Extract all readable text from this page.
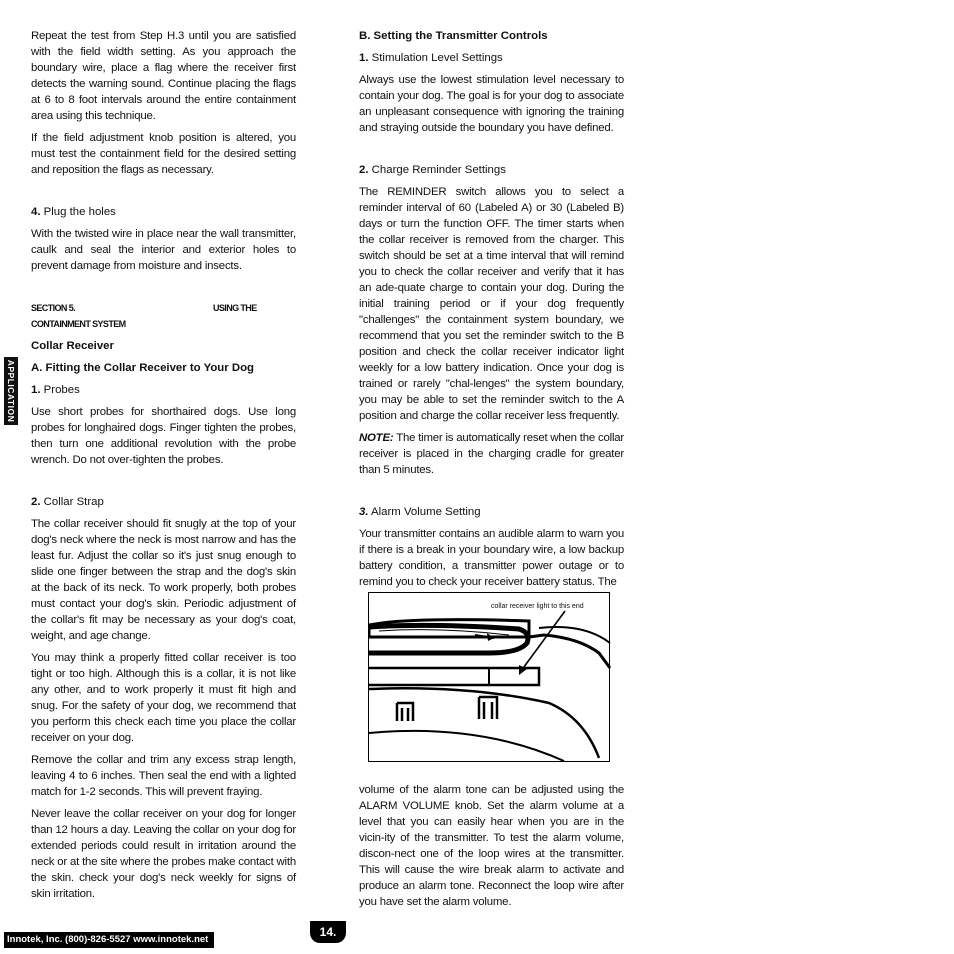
Repeat the test from Step H.3 until you are satisfied with the field width setting. As you approach the boundary wire, place a flag where the receiver first detects the warning sound. Continue placing the flags at 6 to 8 foot intervals around the entire containment area using this technique.

If the field adjustment knob position is altered, you must test the containment field for the desired setting and reposition the flags as necessary.

4. Plug the holes

With the twisted wire in place near the wall transmitter, caulk and seal the interior and exterior holes to prevent damage from moisture and insects.

SECTION 5.	USING THE
CONTAINMENT SYSTEM
Collar Receiver
A. Fitting the Collar Receiver to Your Dog
1. Probes

Use short probes for shorthaired dogs. Use long probes for longhaired dogs. Finger tighten the probes, then turn one additional revolution with the probe wrench. Do not over-tighten the probes.

2. Collar Strap

The collar receiver should fit snugly at the top of your dog's neck where the neck is most narrow and has the least fur. Adjust the collar so it's just snug enough to slide one finger between the strap and the dog's skin at the back of its neck. To work properly, both probes must contact your dog's skin. Periodic adjustment of the collar's fit may be necessary as your dog's coat, weight, and age change.

You may think a properly fitted collar receiver is too tight or too high. Although this is a collar, it is not like any other, and to work properly it must fit high and snug. For the safety of your dog, we recommend that you perform this check each time you place the collar receiver on your dog.

Remove the collar and trim any excess strap length, leaving 4 to 6 inches. Then seal the end with a lighted match for 1-2 seconds. This will prevent fraying.

Never leave the collar receiver on your dog for longer than 12 hours a day. Leaving the collar on your dog for extended periods could result in irritation around the neck or at the site where the probes make contact with the skin. check your dog's neck weekly for signs of skin irritation.

B. Setting the Transmitter Controls
1. Stimulation Level Settings

Always use the lowest stimulation level necessary to contain your dog. The goal is for your dog to associate an unpleasant consequence with ignoring the training and straying outside the boundary you have defined.

2. Charge Reminder Settings

The REMINDER switch allows you to select a reminder interval of 60 (Labeled A) or 30 (Labeled B) days or turn the function OFF. The timer starts when the collar receiver is removed from the charger. This switch should be set at a time interval that will remind you to check the collar receiver and verify that it has an ade-quate charge to contain your dog. During the initial training period or if your dog frequently "challenges" the containment system boundary, we recommend that you set the reminder switch to the B position and check the collar receiver indicator light weekly for a low battery indication. Once your dog is trained or rarely "chal-lenges" the system boundary, you may be able to set the reminder switch to the A position and charge the collar receiver less frequently.

NOTE: The timer is automatically reset when the collar receiver is placed in the charging cradle for greater than 5 minutes.

3. Alarm Volume Setting

Your transmitter contains an audible alarm to warn you if there is a break in your boundary wire, a low backup battery condition, a transmitter power outage or to remind you to check your receiver battery status. The

collar receiver light to this end

volume of the alarm tone can be adjusted using the ALARM VOLUME knob. Set the alarm volume at a level that you can easily hear when you are in the vicin-ity of the transmitter. To test the alarm volume, discon-nect one of the loop wires at the transmitter. This will cause the wire break alarm to activate and produce an alarm tone. Reconnect the loop wire after you have set the alarm volume.

APPLICATION
Innotek, Inc. (800)-826-5527 www.innotek.net
14.
